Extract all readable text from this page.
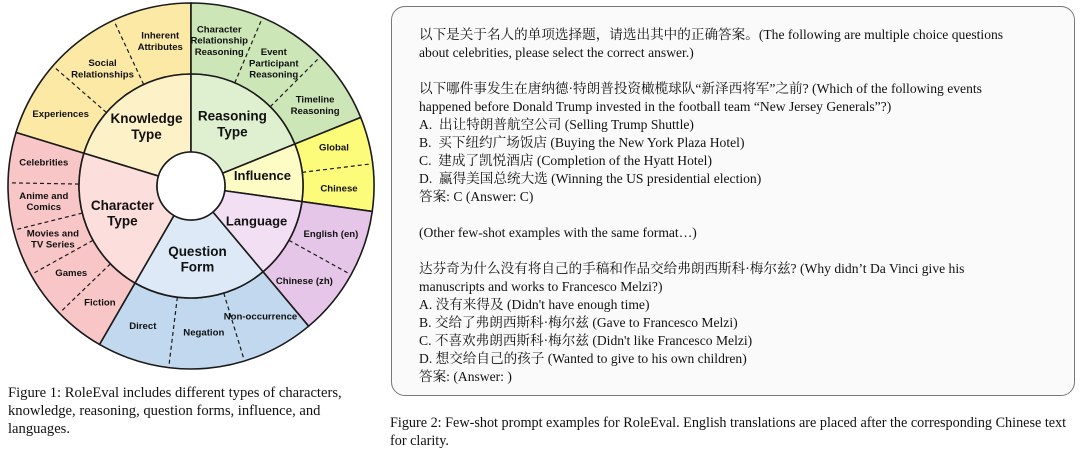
Knowledge Type
Reasoning Type
Influence
Language
Question Form
Character Type
Experiences
Social Relationships
Inherent Attributes
Character Relationship Reasoning	Event Participant Reasoning
Timeline Reasoning
Global
Chinese
English (en)
Chinese (zh)
Non-occurrence
Negation
Direct
Fiction
Games
Movies and TV Series
Anime and Comics
Celebrities
Figure 1: RoleEval includes different types of characters, knowledge, reasoning, question forms, influence, and languages.
以下是关于名人的单项选择题，请选出其中的正确答案。(The following are multiple choice questions
about celebrities, please select the correct answer.)
以下哪件事发生在唐纳德·特朗普投资橄榄球队“新泽西将军”之前? (Which of the following events
happened before Donald Trump invested in the football team “New Jersey Generals”?)
A.  出让特朗普航空公司 (Selling Trump Shuttle)
B.  买下纽约广场饭店 (Buying the New York Plaza Hotel)
C.  建成了凯悦酒店 (Completion of the Hyatt Hotel)
D.  赢得美国总统大选 (Winning the US presidential election)
答案: C (Answer: C)
(Other few-shot examples with the same format…)
达芬奇为什么没有将自己的手稿和作品交给弗朗西斯科·梅尔兹? (Why didn’t Da Vinci give his
manuscripts and works to Francesco Melzi?)
A. 没有来得及 (Didn't have enough time)
B. 交给了弗朗西斯科·梅尔兹 (Gave to Francesco Melzi)
C. 不喜欢弗朗西斯科·梅尔兹 (Didn't like Francesco Melzi)
D. 想交给自己的孩子 (Wanted to give to his own children)
答案: (Answer: )
Figure 2: Few-shot prompt examples for RoleEval. English translations are placed after the corresponding Chinese text for clarity.
